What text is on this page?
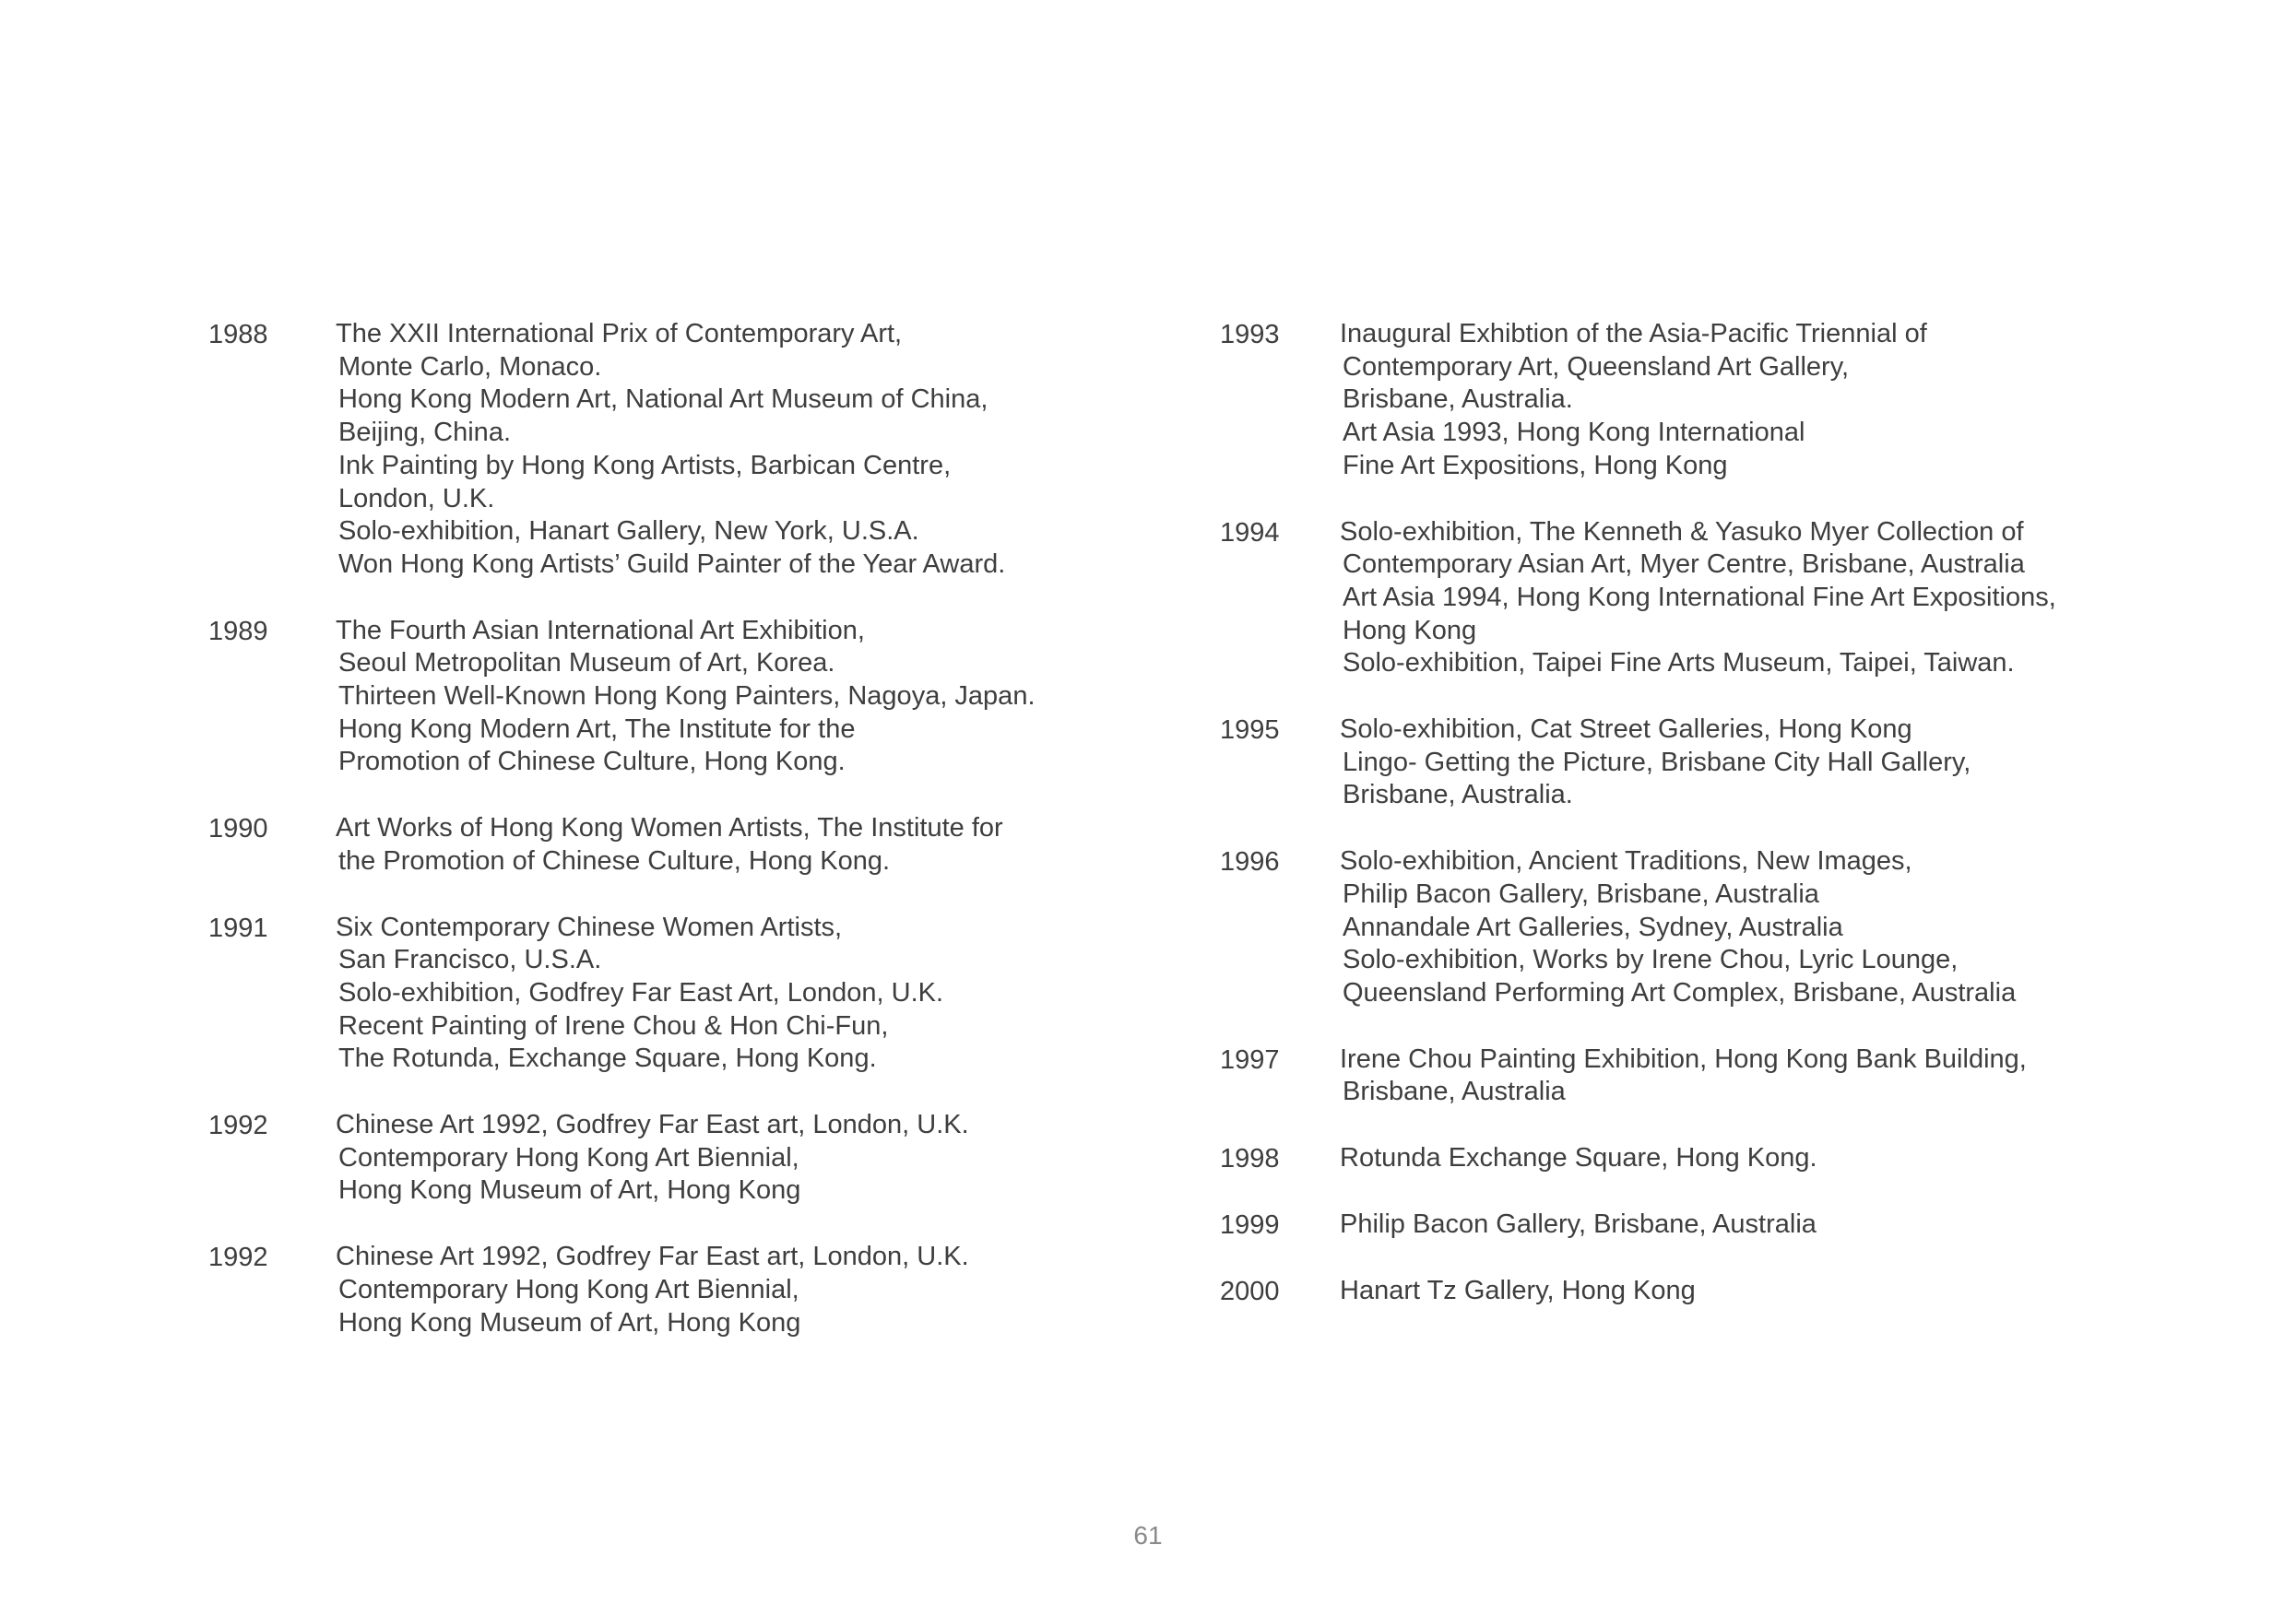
1988	The XXII International Prix of Contemporary Art,
Monte Carlo, Monaco.
Hong Kong Modern Art, National Art Museum of China,
Beijing, China.
Ink Painting by Hong Kong Artists, Barbican Centre,
London, U.K.
Solo-exhibition, Hanart Gallery, New York, U.S.A.
Won Hong Kong Artists’ Guild Painter of the Year Award.
1989	The Fourth Asian International Art Exhibition,
Seoul Metropolitan Museum of Art, Korea.
Thirteen Well-Known Hong Kong Painters, Nagoya, Japan.
Hong Kong Modern Art, The Institute for the
Promotion of Chinese Culture, Hong Kong.
1990	Art Works of Hong Kong Women Artists, The Institute for
the Promotion of Chinese Culture, Hong Kong.
1991	Six Contemporary Chinese Women Artists,
San Francisco, U.S.A.
Solo-exhibition, Godfrey Far East Art, London, U.K.
Recent Painting of Irene Chou & Hon Chi-Fun,
The Rotunda, Exchange Square, Hong Kong.
1992	Chinese Art 1992, Godfrey Far East art, London, U.K.
Contemporary Hong Kong Art Biennial,
Hong Kong Museum of Art, Hong Kong
1992	Chinese Art 1992, Godfrey Far East art, London, U.K.
Contemporary Hong Kong Art Biennial,
Hong Kong Museum of Art, Hong Kong
1993	Inaugural Exhibtion of the Asia-Pacific Triennial of
Contemporary Art, Queensland Art Gallery,
Brisbane, Australia.
Art Asia 1993, Hong Kong International
Fine Art Expositions, Hong Kong
1994	Solo-exhibition, The Kenneth & Yasuko Myer Collection of
Contemporary Asian Art, Myer Centre, Brisbane, Australia
Art Asia 1994, Hong Kong International Fine Art Expositions,
Hong Kong
Solo-exhibition, Taipei Fine Arts Museum, Taipei, Taiwan.
1995	Solo-exhibition, Cat Street Galleries, Hong Kong
Lingo- Getting the Picture, Brisbane City Hall Gallery,
Brisbane, Australia.
1996	Solo-exhibition, Ancient Traditions, New Images,
Philip Bacon Gallery, Brisbane, Australia
Annandale Art Galleries, Sydney, Australia
Solo-exhibition, Works by Irene Chou, Lyric Lounge,
Queensland Performing Art Complex, Brisbane, Australia
1997	Irene Chou Painting Exhibition, Hong Kong Bank Building,
Brisbane, Australia
1998	Rotunda Exchange Square, Hong Kong.
1999	Philip Bacon Gallery, Brisbane, Australia
2000	Hanart Tz Gallery, Hong Kong
61
